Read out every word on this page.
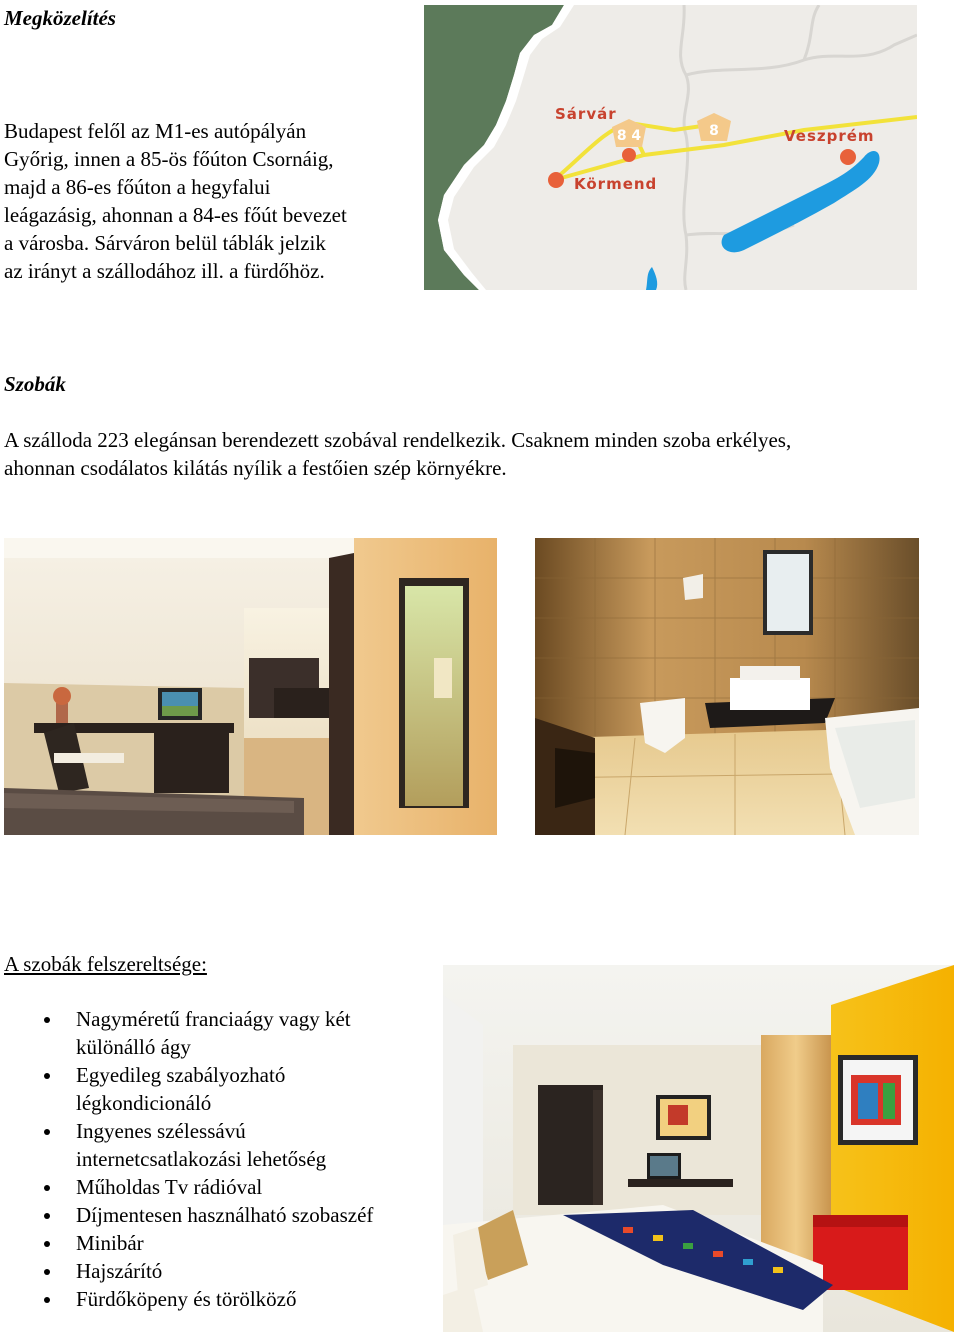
Megközelítés
Budapest felől az M1-es autópályán
Győrig, innen a 85-ös főúton Csornáig,
majd a 86-es főúton a hegyfalui
leágazásig, ahonnan a 84-es főút bevezet
a városba. Sárváron belül táblák jelzik
az irányt a szállodához ill. a fürdőhöz.
8 4	8
Sárvár
Körmend
Veszprém
Szobák
A szálloda 223 elegánsan berendezett szobával rendelkezik. Csaknem minden szoba erkélyes,
ahonnan csodálatos kilátás nyílik a festőien szép környékre.
A szobák felszereltsége:
Nagyméretű franciaágy vagy két
különálló ágy
Egyedileg szabályozható
légkondicionáló
Ingyenes szélessávú
internetcsatlakozási lehetőség
Műholdas Tv rádióval
Díjmentesen használható szobaszéf
Minibár
Hajszárító
Fürdőköpeny és törölköző
